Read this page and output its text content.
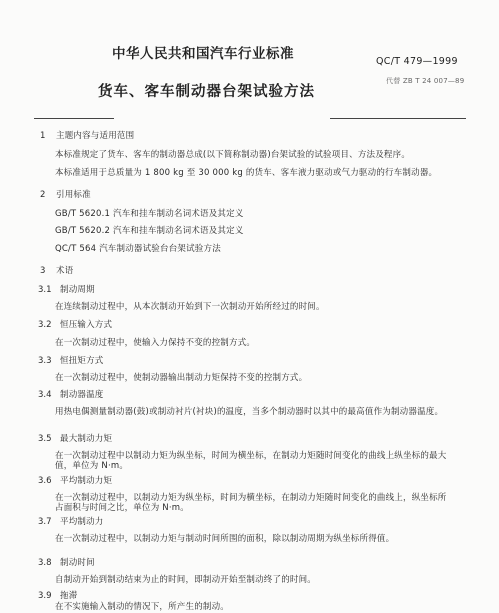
中华人民共和国汽车行业标准	QC/T 479—1999
代替 ZB T 24 007—89
货车、客车制动器台架试验方法
1 主题内容与适用范围
本标准规定了货车、客车的制动器总成(以下简称制动器)台架试验的试验项目、方法及程序。
本标准适用于总质量为 1 800 kg 至 30 000 kg 的货车、客车液力驱动或气力驱动的行车制动器。
2 引用标准
GB/T 5620.1 汽车和挂车制动名词术语及其定义
GB/T 5620.2 汽车和挂车制动名词术语及其定义
QC/T 564 汽车制动器试验台台架试验方法
3 术语
3.1 制动周期
在连续制动过程中，从本次制动开始到下一次制动开始所经过的时间。
3.2 恒压输入方式
在一次制动过程中，使输入力保持不变的控制方式。
3.3 恒扭矩方式
在一次制动过程中，使制动器输出制动力矩保持不变的控制方式。
3.4 制动器温度
用热电偶测量制动器(鼓)或制动衬片(衬块)的温度，当多个制动器时以其中的最高值作为制动器温度。
3.5 最大制动力矩
在一次制动过程中以制动力矩为纵坐标，时间为横坐标，在制动力矩随时间变化的曲线上纵坐标的最大值，单位为 N·m。
3.6 平均制动力矩
在一次制动过程中，以制动力矩为纵坐标，时间为横坐标，在制动力矩随时间变化的曲线上，纵坐标所占面积与时间之比，单位为 N·m。
3.7 平均制动力
在一次制动过程中，以制动力矩与制动时间所围的面积，除以制动周期为纵坐标所得值。
3.8 制动时间
自制动开始到制动结束为止的时间，即制动开始至制动终了的时间。
3.9 拖滞
在不实施输入制动的情况下，所产生的制动。
